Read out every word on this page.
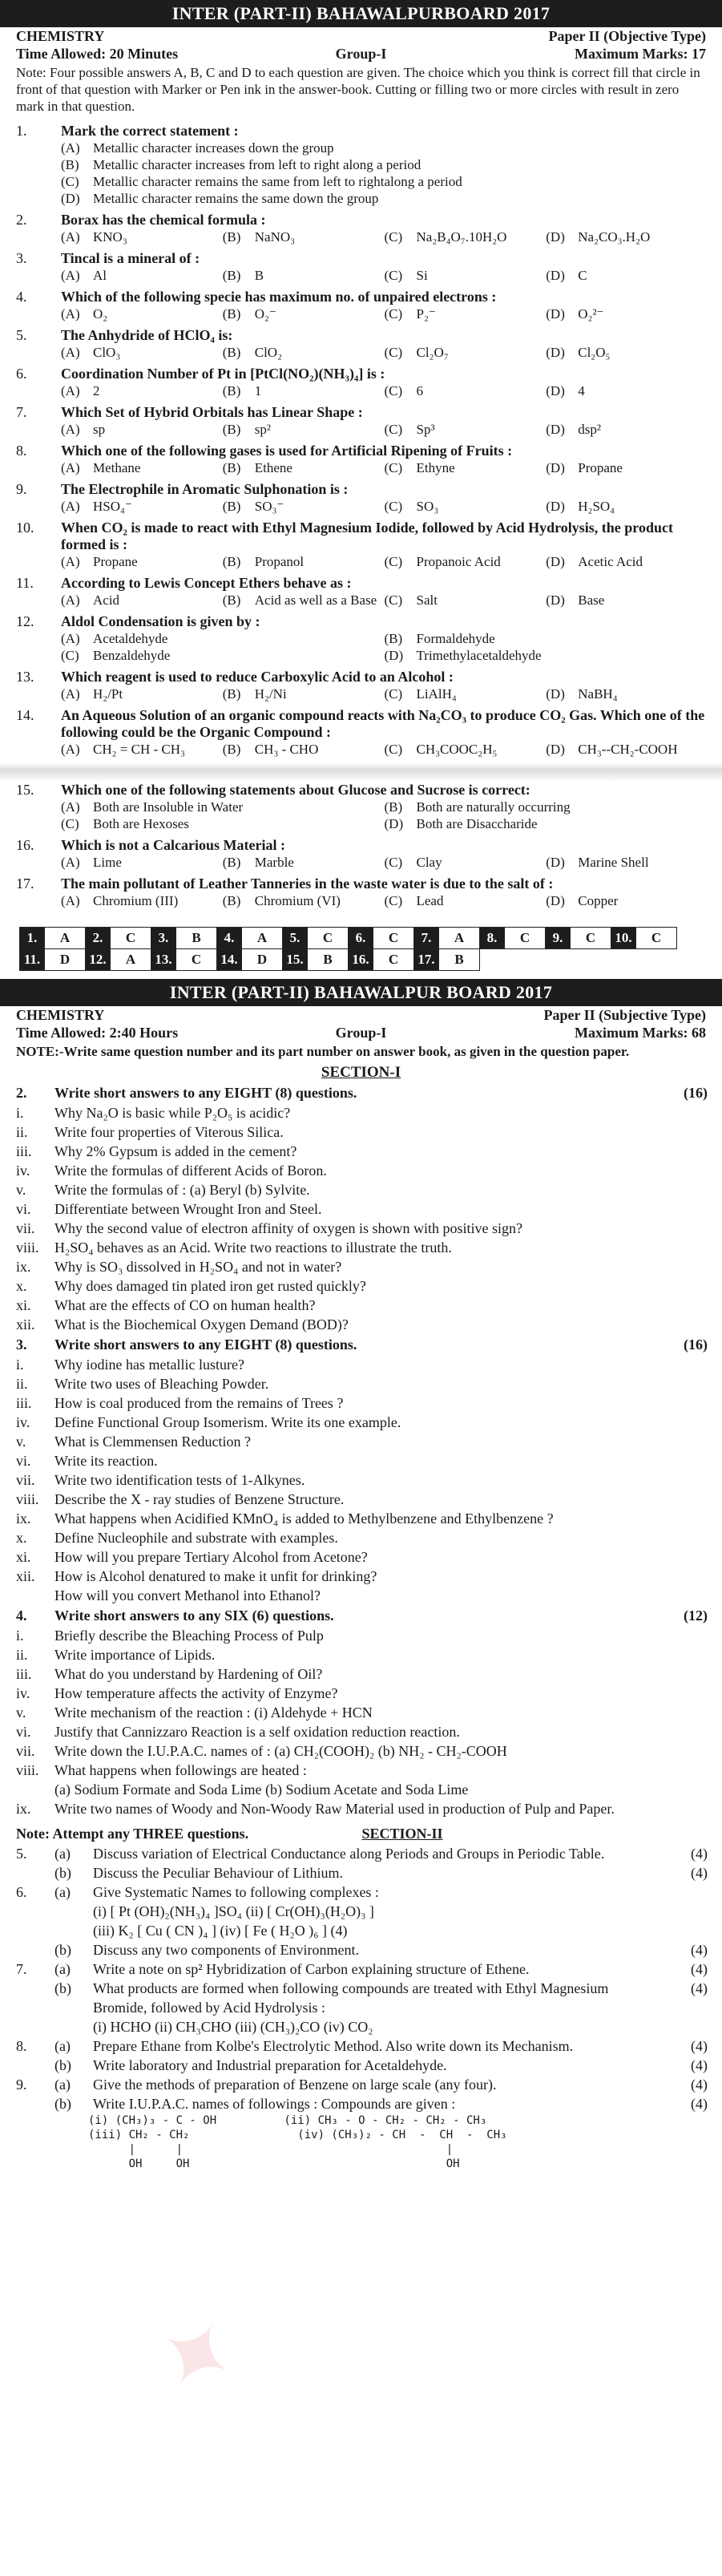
INTER (PART-II) BAHAWALPURBOARD 2017
CHEMISTRY	Paper II (Objective Type)
Time Allowed: 20 Minutes	Group-I	Maximum Marks: 17
Note: Four possible answers A, B, C and D to each question are given. The choice which you think is correct fill that circle in front of that question with Marker or Pen ink in the answer-book. Cutting or filling two or more circles with result in zero mark in that question.
1.	Mark the correct statement :
(A) Metallic character increases down the group
(B)	Metallic character increases from left to right along a period
(C)	Metallic character remains the same from left to rightalong a period
(D) Metallic character remains the same down the group
2.	Borax has the chemical formula :
(A) KNO₃	(B)	NaNO₃	(C)	Na₂B₄O₇.10H₂O	(D) Na₂CO₃.H₂O
3.	Tincal is a mineral of :
(A) Al	(B)	B	(C)	Si	(D) C
4.	Which of the following specie has maximum no. of unpaired electrons :
(A) O₂	(B)	O₂⁻	(C)	P₂⁻	(D) O₂²⁻
5.	The Anhydride of HClO₄ is:
(A) ClO₃	(B)	ClO₂	(C)	Cl₂O₇	(D) Cl₂O₅
6.	Coordination Number of Pt in [PtCl(NO₂)(NH₃)₄] is :
(A) 2	(B)	1	(C)	6	(D) 4
7.	Which Set of Hybrid Orbitals has Linear Shape :
(A) sp	(B)	sp²	(C)	Sp³	(D) dsp²
8.	Which one of the following gases is used for Artificial Ripening of Fruits :
(A) Methane	(B)	Ethene	(C)	Ethyne	(D) Propane
9.	The Electrophile in Aromatic Sulphonation is :
(A) HSO₄⁻	(B)	SO₃⁻	(C)	SO₃	(D) H₂SO₄
10.	When CO₂ is made to react with Ethyl Magnesium Iodide, followed by Acid Hydrolysis, the product formed is :
(A) Propane	(B)	Propanol	(C)	Propanoic Acid	(D) Acetic Acid
11.	According to Lewis Concept Ethers behave as :
(A) Acid	(B)	Acid as well as a Base (C)	Salt	(D) Base
12.	Aldol Condensation is given by :
(A) Acetaldehyde	(B)	Formaldehyde
(C)	Benzaldehyde	(D) Trimethylacetaldehyde
13.	Which reagent is used to reduce Carboxylic Acid to an Alcohol :
(A) H₂/Pt	(B)	H₂/Ni	(C)	LiAlH₄	(D) NaBH₄
14.	An Aqueous Solution of an organic compound reacts with Na₂CO₃ to produce CO₂ Gas. Which one of the following could be the Organic Compound :
(A) CH₂ = CH - CH₃	(B)	CH₃ - CHO	(C)	CH₃COOC₂H₅	(D) CH₃--CH₂-COOH
15.	Which one of the following statements about Glucose and Sucrose is correct:
(A) Both are Insoluble in Water	(B)	Both are naturally occurring
(C)	Both are Hexoses	(D) Both are Disaccharide
16.	Which is not a Calcarious Material :
(A) Lime	(B)	Marble	(C)	Clay	(D) Marine Shell
17.	The main pollutant of Leather Tanneries in the waste water is due to the salt of :
(A) Chromium (III)	(B)	Chromium (VI)	(C)	Lead	(D) Copper
1.	A	2.	C	3.	B	4.	A	5.	C	6.	C	7.	A	8.	C	9.	C	10.	C
11.	D	12.	A	13.	C	14.	D	15.	B	16.	C	17.	B						
✦
INTER (PART-II) BAHAWALPUR BOARD 2017
CHEMISTRY	Paper II (Subjective Type)
Time Allowed: 2:40 Hours	Group-I	Maximum Marks: 68
NOTE:-Write same question number and its part number on answer book, as given in the question paper.
SECTION-I
2.	Write short answers to any EIGHT (8) questions.	(16)
i.	Why Na₂O is basic while P₂O₅ is acidic?
ii.	Write four properties of Viterous Silica.
iii.	Why 2% Gypsum is added in the cement?
iv.	Write the formulas of different Acids of Boron.
v.	Write the formulas of : (a) Beryl (b) Sylvite.
vi.	Differentiate between Wrought Iron and Steel.
vii.	Why the second value of electron affinity of oxygen is shown with positive sign?
viii.	H₂SO₄ behaves as an Acid. Write two reactions to illustrate the truth.
ix.	Why is SO₃ dissolved in H₂SO₄ and not in water?
x.	Why does damaged tin plated iron get rusted quickly?
xi.	What are the effects of CO on human health?
xii.	What is the Biochemical Oxygen Demand (BOD)?
3.	Write short answers to any EIGHT (8) questions.	(16)
i.	Why iodine has metallic lusture?
ii.	Write two uses of Bleaching Powder.
iii.	How is coal produced from the remains of Trees ?
iv.	Define Functional Group Isomerism. Write its one example.
v.	What is Clemmensen Reduction ?
vi.	Write its reaction.
vii.	Write two identification tests of 1-Alkynes.
viii.	Describe the X - ray studies of Benzene Structure.
ix.	What happens when Acidified KMnO₄ is added to Methylbenzene and Ethylbenzene ?
x.	Define Nucleophile and substrate with examples.
xi.	How will you prepare Tertiary Alcohol from Acetone?
xii.	How is Alcohol denatured to make it unfit for drinking?
How will you convert Methanol into Ethanol?
4.	Write short answers to any SIX (6) questions.	(12)
i.	Briefly describe the Bleaching Process of Pulp
ii.	Write importance of Lipids.
iii.	What do you understand by Hardening of Oil?
iv.	How temperature affects the activity of Enzyme?
v.	Write mechanism of the reaction : (i) Aldehyde + HCN
vi.	Justify that Cannizzaro Reaction is a self oxidation reduction reaction.
vii.	Write down the I.U.P.A.C. names of : (a) CH₂(COOH)₂ (b) NH₂ - CH₂-COOH
viii.	What happens when followings are heated :
(a) Sodium Formate and Soda Lime (b) Sodium Acetate and Soda Lime
ix.	Write two names of Woody and Non-Woody Raw Material used in production of Pulp and Paper.
Note: Attempt any THREE questions.	SECTION-II
5.	(a)	Discuss variation of Electrical Conductance along Periods and Groups in Periodic Table.	(4)
(b)	Discuss the Peculiar Behaviour of Lithium.	(4)
6.	(a)	Give Systematic Names to following complexes :
(i) [ Pt (OH)₂(NH₃)₄ ]SO₄ (ii) [ Cr(OH)₃(H₂O)₃ ]
(iii) K₂ [ Cu ( CN )₄ ] (iv) [ Fe ( H₂O )₆ ] (4)
(b)	Discuss any two components of Environment.	(4)
7.	(a)	Write a note on sp² Hybridization of Carbon explaining structure of Ethene.	(4)
(b)	What products are formed when following compounds are treated with Ethyl Magnesium Bromide, followed by Acid Hydrolysis :
(4)
(i) HCHO (ii) CH₃CHO (iii) (CH₃)₂CO (iv) CO₂
8.	(a)	Prepare Ethane from Kolbe's Electrolytic Method. Also write down its Mechanism.	(4)
(b)	Write laboratory and Industrial preparation for Acetaldehyde.	(4)
9.	(a)	Give the methods of preparation of Benzene on large scale (any four).	(4)
(b)	Write I.U.P.A.C. names of followings : Compounds are given :	(4)
(i) (CH₃)₃ - C - OH          (ii) CH₃ - O - CH₂ - CH₂ - CH₃
(iii) CH₂ - CH₂                (iv) (CH₃)₂ - CH  -  CH  -  CH₃
|      |                                       |
OH     OH                                      OH
